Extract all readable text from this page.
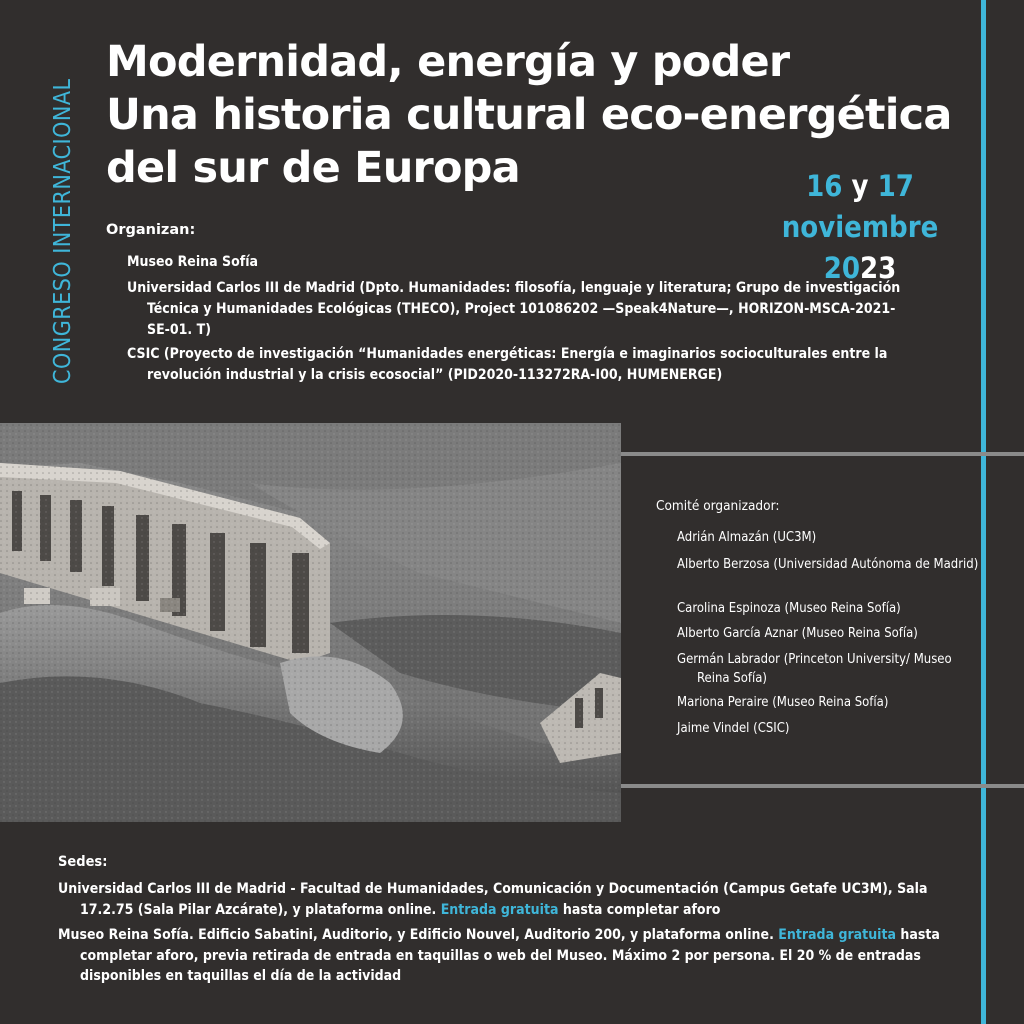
CONGRESO INTERNACIONAL
Modernidad, energía y poder
Una historia cultural eco-energética
del sur de Europa	16 y 17
noviembre
2023
Organizan:
Museo Reina Sofía
Universidad Carlos III de Madrid (Dpto. Humanidades: filosofía, lenguaje y literatura; Grupo de investigación Técnica y Humanidades Ecológicas (THECO), Project 101086202 —Speak4Nature—, HORIZON-MSCA-2021-SE-01. T)
CSIC (Proyecto de investigación “Humanidades energéticas: Energía e imaginarios socioculturales entre la revolución industrial y la crisis ecosocial” (PID2020-113272RA-I00, HUMENERGE)
Comité organizador:
Adrián Almazán (UC3M)
Alberto Berzosa (Universidad Autónoma de Madrid)
Carolina Espinoza (Museo Reina Sofía)
Alberto García Aznar (Museo Reina Sofía)
Germán Labrador (Princeton University/ Museo Reina Sofía)
Mariona Peraire (Museo Reina Sofía)
Jaime Vindel (CSIC)
Sedes:
Universidad Carlos III de Madrid - Facultad de Humanidades, Comunicación y Documentación (Campus Getafe UC3M), Sala 17.2.75 (Sala Pilar Azcárate), y plataforma online. Entrada gratuita hasta completar aforo
Museo Reina Sofía. Edificio Sabatini, Auditorio, y Edificio Nouvel, Auditorio 200, y plataforma online. Entrada gratuita hasta completar aforo, previa retirada de entrada en taquillas o web del Museo. Máximo 2 por persona. El 20 % de entradas disponibles en taquillas el día de la actividad
